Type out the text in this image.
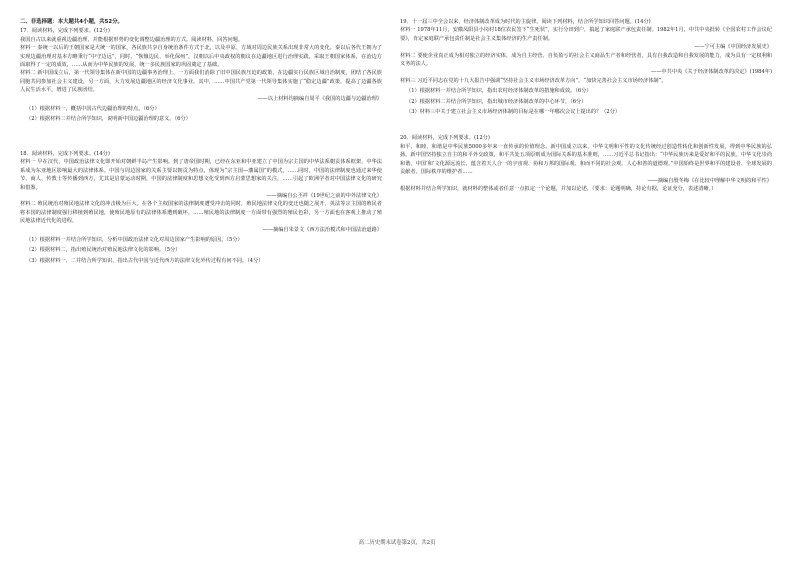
二、非选择题：本大题共4小题，共52分。
17．阅读材料，完成下列要求。(12分)

我国自古以来就重视边疆治理，并能根据形势的变化调整边疆治理的方式。阅读材料，回答问题。

材料一 秦统一以后的王朝国家是大统一的国家，各民族共享自身统治条件方式于北，以及中原、方域对周边民族关系出现非常大的变化。秦以后各代王朝为了实现边疆治理对基本方略秉行“中守边远”，同时，“恢恤边民、举化保州”，汉朝以后中央政权的朝议在边疆地区进行治理实践，采取王朝国家体系，在治边方面取得了一定的成效，……从而为中华民族的发展、统一多民族国家的巩固奠定了基础。

材料二 新中国成立后，第一代领导集体在新中国的边疆事务治理上，一方面我们消除了旧中国民族压迫的政策，在边疆实行民族区域自治制度，团结了各民族同胞共同参加社会主义建设，另一方面，大力发展边疆地区的经济文化事业。其中，……中国共产党第一代领导集体实施了“稳定边疆”政策，提高了边疆各族人民生活水平，增进了民族团结。

——以上材料均摘编自周平《我国的边疆与边疆治理》

（1）根据材料一，概括中国古代边疆治理的特点。（6分）
（2）根据材料二并结合所学知识，说明新中国边疆治理的意义。（6分）
18．阅读材料，完成下列要求。(14分)

材料一 早在汉代，中国政治法律文化即开始对朝鲜半岛产生影响。到了唐帝国时期，已经在东亚和中亚建立了中国为宗主国的中华法系朝贡体系框架，中华法系成为东亚地区影响最大的法律体系。中国与周边国家的关系主要以朝贡为特点，体现为“宗主国—藩属国”的模式，……同时，中国的法律制度也通过来华使节、商人、传教士等传播到西方，尤其是启蒙运动时期，中国的法律制度和思想文化受到西方启蒙思想家的关注，……引起了欧洲学者对中国法律文化的研究和借鉴。

——摘编自公丕祥《19世纪之前的中外法律文化》

材料二 殖民统治对殖民地法律文化的冲击极为巨大。在各个主权国家的法律制度遭受冲击的同时，殖民地法律文化的变迁也随之展开，英法等宗主国的殖民者将本国的法律制度强行移植到殖民地，使殖民地原有的法律体系遭到破坏。……殖民地的法律制度一方面带有强烈的殖民色彩，另一方面也在客观上推动了殖民地法律近代化的进程。

——摘编自朱景文《西方法治模式和中国法治道路》

（1）根据材料一并结合所学知识，分析中国政治法律文化对周边国家产生影响的原因。（5分）
（2）根据材料二，指出殖民统治对殖民地法律文化的影响。（5分）
（3）根据材料一、二并结合所学知识，指出古代中国与近代西方的法律文化外传过程有何不同。（4分）
19．十一届三中全会以来，经济体制改革成为时代的主旋律。阅读下列材料，结合所学知识回答问题。(14分)

材料一 1978年11月，安徽凤阳县小岗村18位农民签下“生死状”，实行分田到户，搞起了家庭联产承包责任制。1982年1月，中共中央批转《全国农村工作会议纪要》，肯定家庭联产承包责任制是社会主义集体经济的生产责任制。

——宁可主编《中国经济发展史》

材料二 要使企业真正成为相对独立的经济实体，成为自主经营、自负盈亏的社会主义商品生产者和经营者，具有自我改造和自我发展的能力，成为具有一定权利和义务的法人。

——中共中央《关于经济体制改革的决定》(1984年)

材料三 习近平同志在党的十九大报告中强调“坚持社会主义市场经济改革方向”，“加快完善社会主义市场经济体制”。

（1）根据材料一并结合所学知识，指出农村经济体制改革的措施和成效。（6分）
（2）根据材料二并结合所学知识，指出城市经济体制改革的中心环节。（6分）
（3）材料三中关于建立社会主义市场经济体制的目标是在哪一年哪次会议上提出的？（2分）
20．阅读材料，完成下列要求。(12分)

和平、和睦、和谐是中华民族5000多年来一直传承的价值理念。新中国成立以来，中华文明和平性的文化传统经过创造性转化和创新性发展，得到中华民族的弘扬。新中国坚持独立自主的和平外交政策，和平共处五项原则成为国际关系的基本准则，……习近平总书记指出：“中华民族历来是爱好和平的民族。中华文化崇尚和谐，中国‘和’文化源远流长，蕴含着天人合一的宇宙观、协和万邦的国际观、和而不同的社会观、人心和善的道德观。”中国始终是世界和平的建设者、全球发展的贡献者、国际秩序的维护者……

——摘编自殷冬梅《在比较中理解中华文明的和平性》

根据材料并结合所学知识，就材料的整体或者任意一点拟定一个论题，并加以论述。（要求：论题明确，持论有据，论证充分，表述清晰。）

高二历史期末试卷第2页，共2页
